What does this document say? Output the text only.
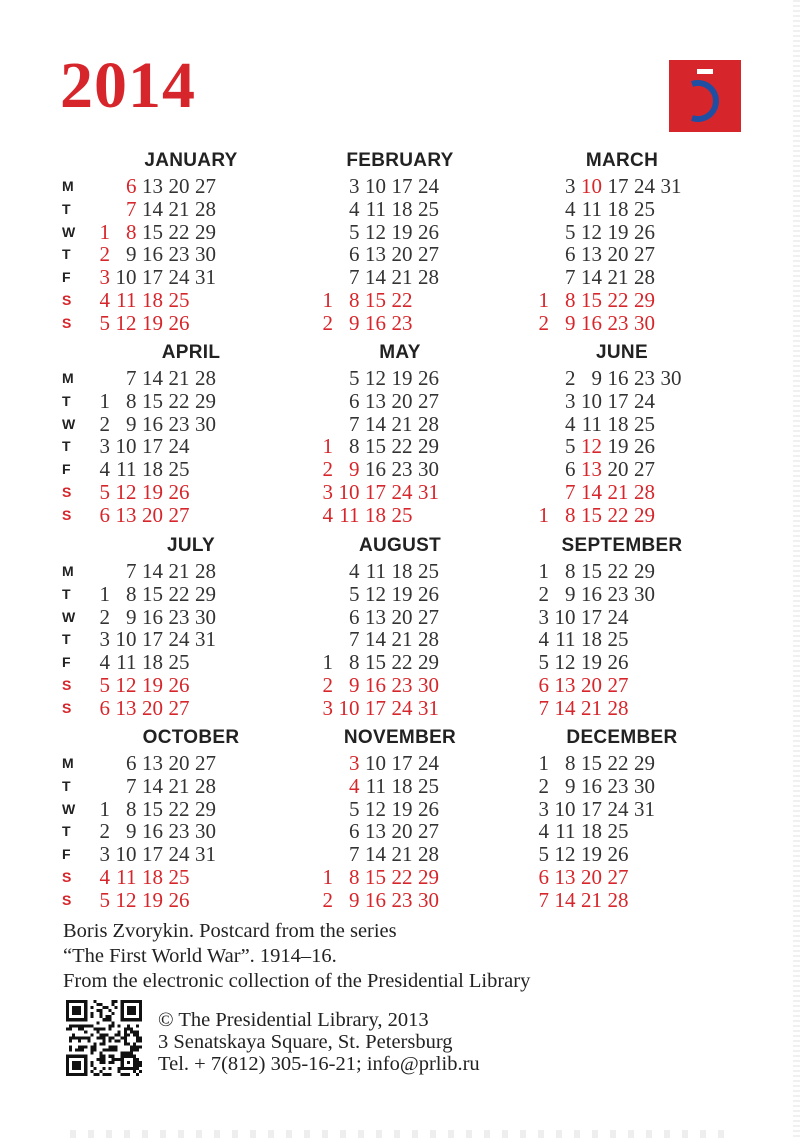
2014
JANUARY
M
T
W
T
F
S
S
1
2
3
4
5
6
7
8
9
10
11
12
13
14
15
16
17
18
19
20
21
22
23
24
25
26
27
28
29
30
31
FEBRUARY
1
2
3
4
5
6
7
8
9
10
11
12
13
14
15
16
17
18
19
20
21
22
23
24
25
26
27
28
MARCH
1
2
3
4
5
6
7
8
9
10
11
12
13
14
15
16
17
18
19
20
21
22
23
24
25
26
27
28
29
30
31
APRIL
M
T
W
T
F
S
S
1
2
3
4
5
6
7
8
9
10
11
12
13
14
15
16
17
18
19
20
21
22
23
24
25
26
27
28
29
30
MAY
1
2
3
4
5
6
7
8
9
10
11
12
13
14
15
16
17
18
19
20
21
22
23
24
25
26
27
28
29
30
31
JUNE
1
2
3
4
5
6
7
8
9
10
11
12
13
14
15
16
17
18
19
20
21
22
23
24
25
26
27
28
29
30
JULY
M
T
W
T
F
S
S
1
2
3
4
5
6
7
8
9
10
11
12
13
14
15
16
17
18
19
20
21
22
23
24
25
26
27
28
29
30
31
AUGUST
1
2
3
4
5
6
7
8
9
10
11
12
13
14
15
16
17
18
19
20
21
22
23
24
25
26
27
28
29
30
31
SEPTEMBER
1
2
3
4
5
6
7
8
9
10
11
12
13
14
15
16
17
18
19
20
21
22
23
24
25
26
27
28
29
30
OCTOBER
M
T
W
T
F
S
S
1
2
3
4
5
6
7
8
9
10
11
12
13
14
15
16
17
18
19
20
21
22
23
24
25
26
27
28
29
30
31
NOVEMBER
1
2
3
4
5
6
7
8
9
10
11
12
13
14
15
16
17
18
19
20
21
22
23
24
25
26
27
28
29
30
DECEMBER
1
2
3
4
5
6
7
8
9
10
11
12
13
14
15
16
17
18
19
20
21
22
23
24
25
26
27
28
29
30
31
Boris Zvorykin. Postcard from the series
“The First World War”. 1914–16.
From the electronic collection of the Presidential Library
© The Presidential Library, 2013
3 Senatskaya Square, St. Petersburg
Tel. + 7(812) 305-16-21; info@prlib.ru
